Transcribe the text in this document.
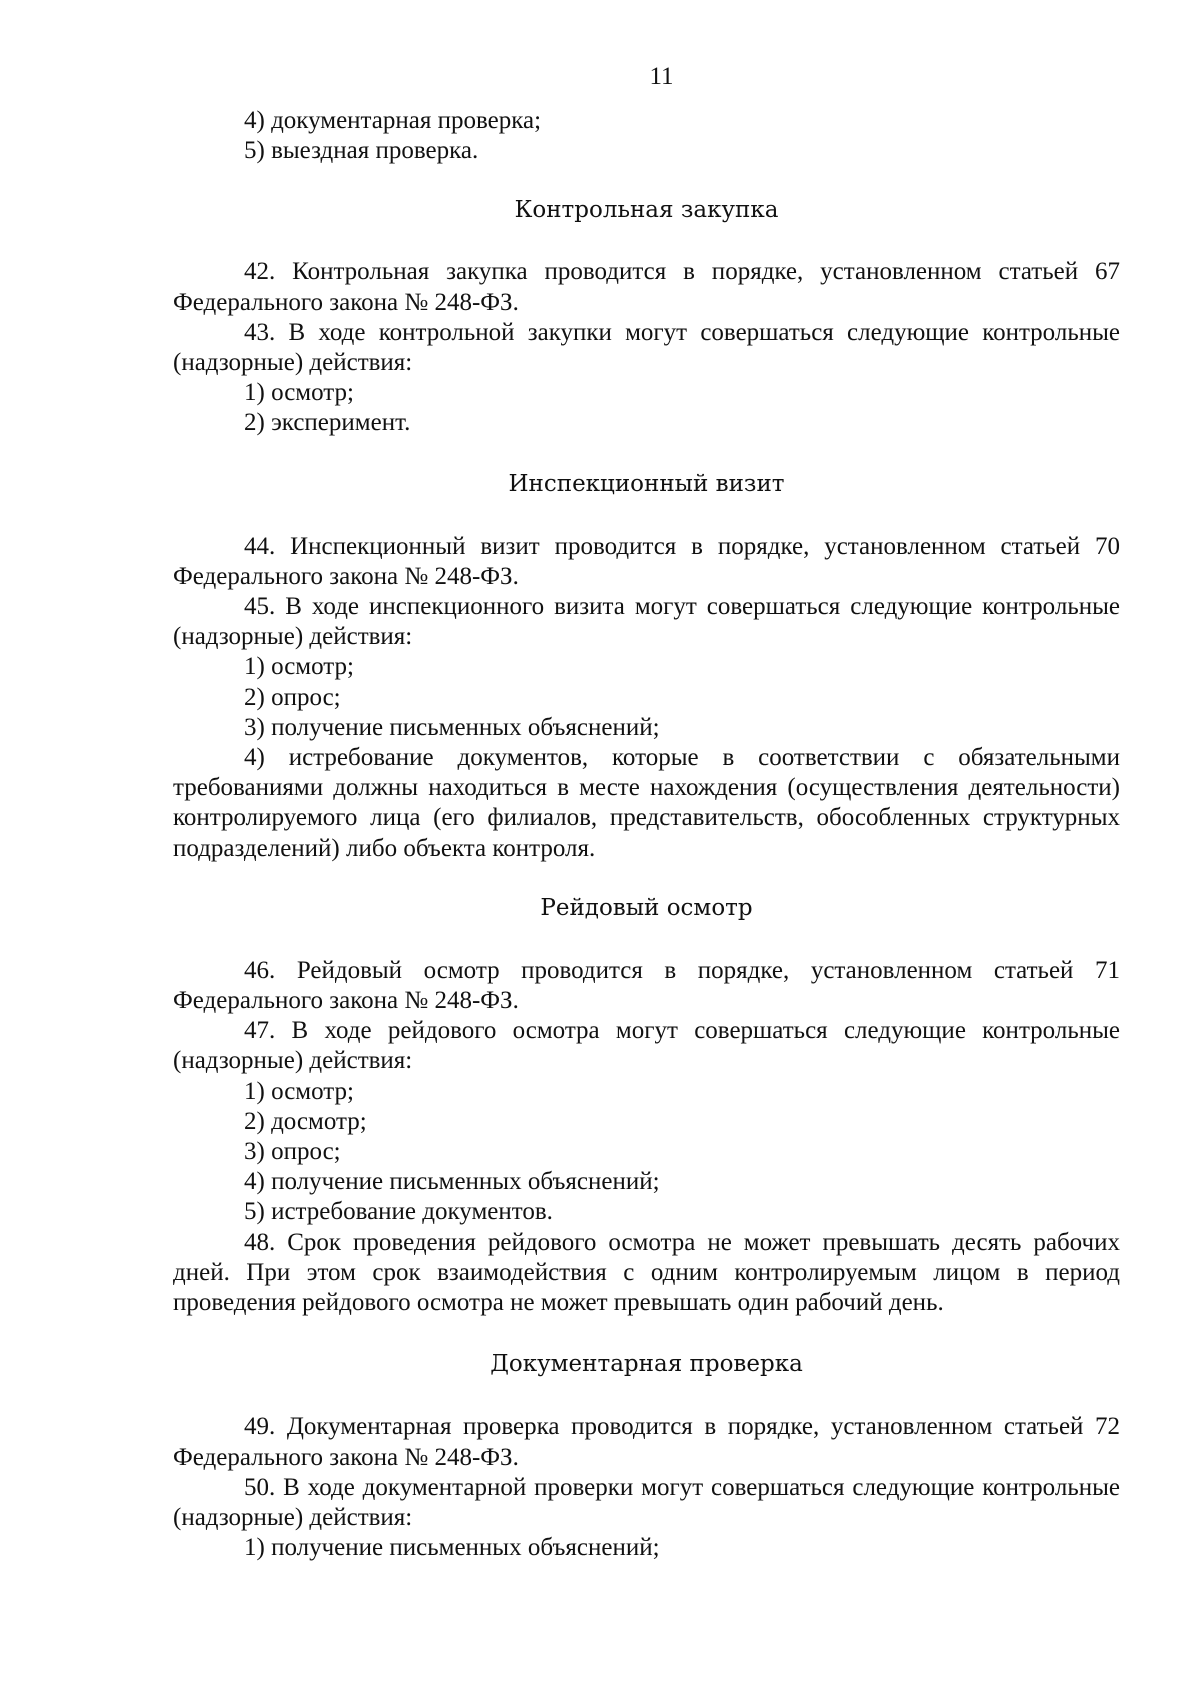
11

4) документарная проверка;

5) выездная проверка.

Контрольная закупка

42. Контрольная закупка проводится в порядке, установленном статьей 67 Федерального закона № 248-ФЗ.

43. В ходе контрольной закупки могут совершаться следующие контрольные (надзорные) действия:

1) осмотр;

2) эксперимент.

Инспекционный визит

44. Инспекционный визит проводится в порядке, установленном статьей 70 Федерального закона № 248-ФЗ.

45. В ходе инспекционного визита могут совершаться следующие контрольные (надзорные) действия:

1) осмотр;

2) опрос;

3) получение письменных объяснений;

4) истребование документов, которые в соответствии с обязательными требованиями должны находиться в месте нахождения (осуществления деятельности) контролируемого лица (его филиалов, представительств, обособленных структурных подразделений) либо объекта контроля.

Рейдовый осмотр

46. Рейдовый осмотр проводится в порядке, установленном статьей 71 Федерального закона № 248-ФЗ.

47. В ходе рейдового осмотра могут совершаться следующие контрольные (надзорные) действия:

1) осмотр;

2) досмотр;

3) опрос;

4) получение письменных объяснений;

5) истребование документов.

48. Срок проведения рейдового осмотра не может превышать десять рабочих дней. При этом срок взаимодействия с одним контролируемым лицом в период проведения рейдового осмотра не может превышать один рабочий день.

Документарная проверка

49. Документарная проверка проводится в порядке, установленном статьей 72 Федерального закона № 248-ФЗ.

50. В ходе документарной проверки могут совершаться следующие контрольные (надзорные) действия:

1) получение письменных объяснений;
